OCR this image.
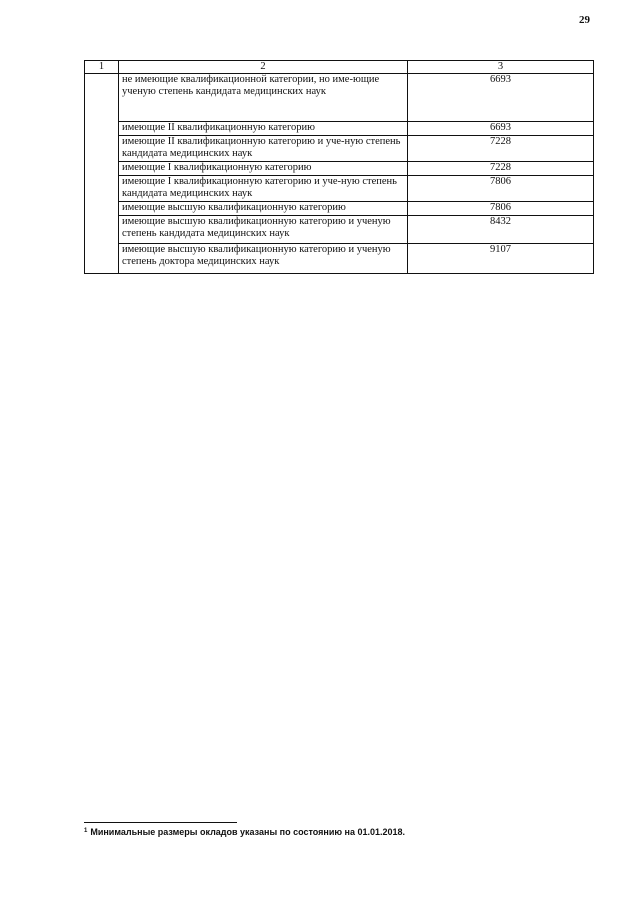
29
1	2	3
	не имеющие квалификационной категории, но име-ющие ученую степень кандидата медицинских наук	6693
	имеющие II квалификационную категорию	6693
	имеющие II квалификационную категорию и уче-ную степень кандидата медицинских наук	7228
	имеющие I квалификационную категорию	7228
	имеющие I квалификационную категорию и уче-ную степень кандидата медицинских наук	7806
	имеющие высшую квалификационную категорию	7806
	имеющие высшую квалификационную категорию и ученую степень кандидата медицинских наук	8432
	имеющие высшую квалификационную категорию и ученую степень доктора медицинских наук	9107
$^1$ Минимальные размеры окладов указаны по состоянию на 01.01.2018.
